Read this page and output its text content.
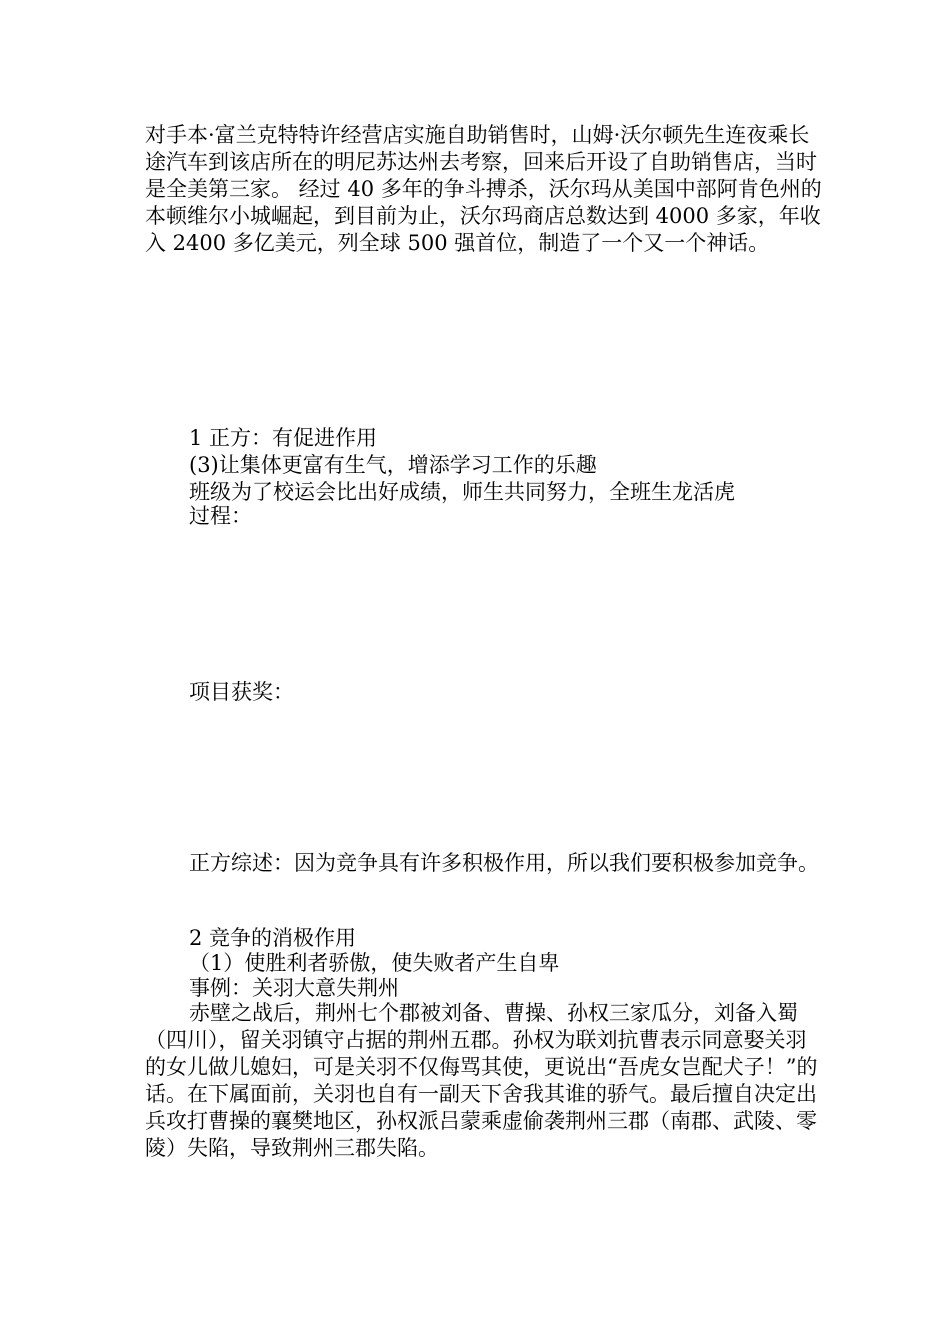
对手本·富兰克特特许经营店实施自助销售时，山姆·沃尔顿先生连夜乘长途汽车到该店所在的明尼苏达州去考察，回来后开设了自助销售店，当时是全美第三家。 经过 40 多年的争斗搏杀，沃尔玛从美国中部阿肯色州的本顿维尔小城崛起，到目前为止，沃尔玛商店总数达到 4000 多家，年收入 2400 多亿美元，列全球 500 强首位，制造了一个又一个神话。

1 正方：有促进作用

(3)让集体更富有生气，增添学习工作的乐趣

班级为了校运会比出好成绩，师生共同努力，全班生龙活虎

过程：

项目获奖：

正方综述：因为竞争具有许多积极作用，所以我们要积极参加竞争。

2 竞争的消极作用

（1）使胜利者骄傲，使失败者产生自卑

事例：关羽大意失荆州

赤壁之战后，荆州七个郡被刘备、曹操、孙权三家瓜分，刘备入蜀（四川），留关羽镇守占据的荆州五郡。孙权为联刘抗曹表示同意娶关羽的女儿做儿媳妇，可是关羽不仅侮骂其使，更说出“吾虎女岂配犬子！”的话。在下属面前，关羽也自有一副天下舍我其谁的骄气。最后擅自决定出兵攻打曹操的襄樊地区，孙权派吕蒙乘虚偷袭荆州三郡（南郡、武陵、零陵）失陷，导致荆州三郡失陷。
